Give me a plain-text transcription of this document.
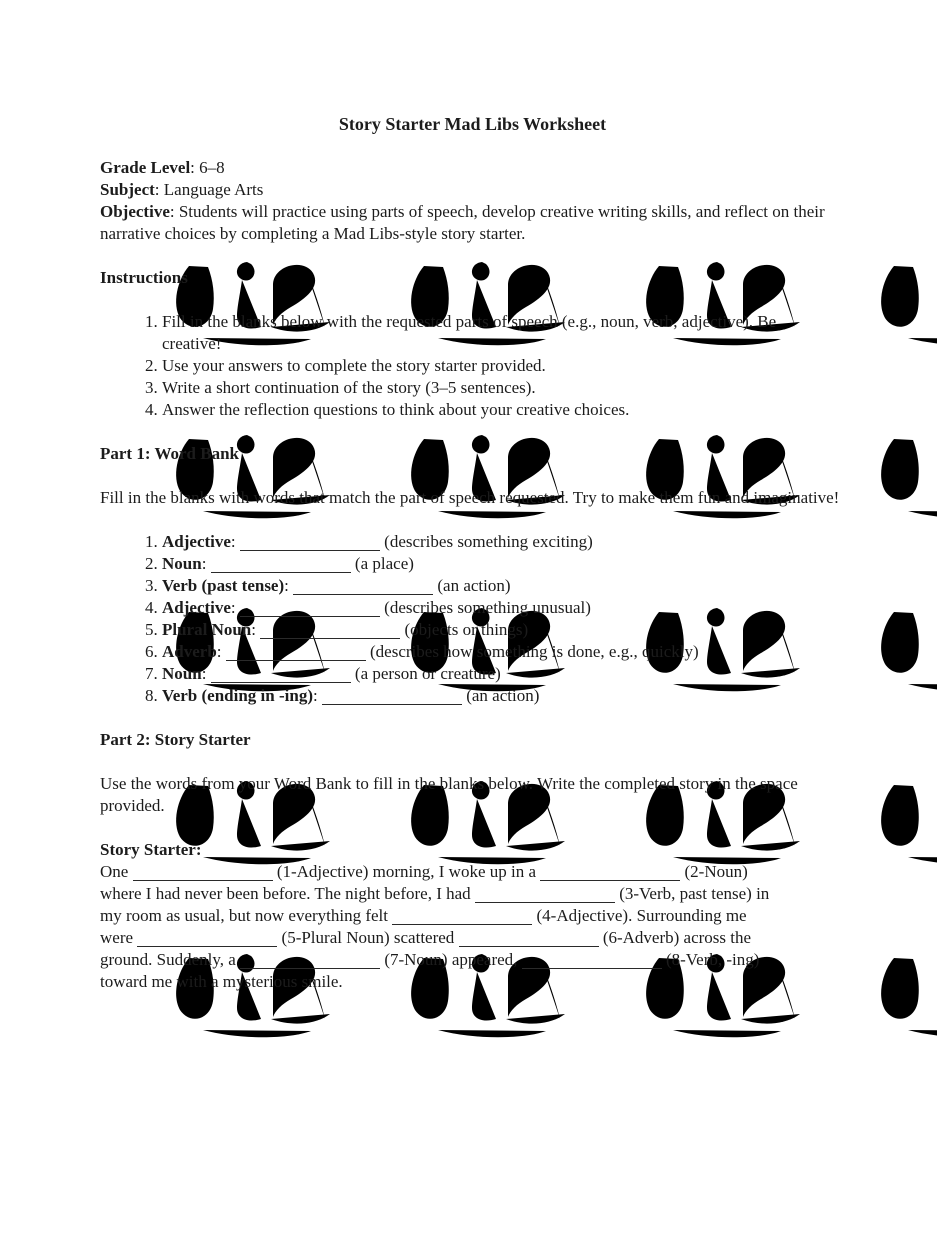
Story Starter Mad Libs Worksheet
Grade Level: 6–8
Subject: Language Arts
Objective: Students will practice using parts of speech, develop creative writing skills, and reflect on their narrative choices by completing a Mad Libs-style story starter.
Instructions
1. Fill in the blanks below with the requested parts of speech (e.g., noun, verb, adjective). Be creative!
2. Use your answers to complete the story starter provided.
3. Write a short continuation of the story (3–5 sentences).
4. Answer the reflection questions to think about your creative choices.
Part 1: Word Bank
Fill in the blanks with words that match the part of speech requested. Try to make them fun and imaginative!
1. Adjective:	(describes something exciting)
2. Noun:	(a place)
3. Verb (past tense):	(an action)
4. Adjective:	(describes something unusual)
5. Plural Noun:	(objects or things)
6. Adverb:	(describes how something is done, e.g., quickly)
7. Noun:	(a person or creature)
8. Verb (ending in -ing):	(an action)
Part 2: Story Starter
Use the words from your Word Bank to fill in the blanks below. Write the completed story in the space provided.
Story Starter:
One	(1-Adjective) morning, I woke up in a	(2-Noun)
where I had never been before. The night before, I had	(3-Verb, past tense) in
my room as usual, but now everything felt	(4-Adjective). Surrounding me
were	(5-Plural Noun) scattered	(6-Adverb) across the
ground. Suddenly, a	(7-Noun) appeared,	(8-Verb, -ing)
toward me with a mysterious smile.
